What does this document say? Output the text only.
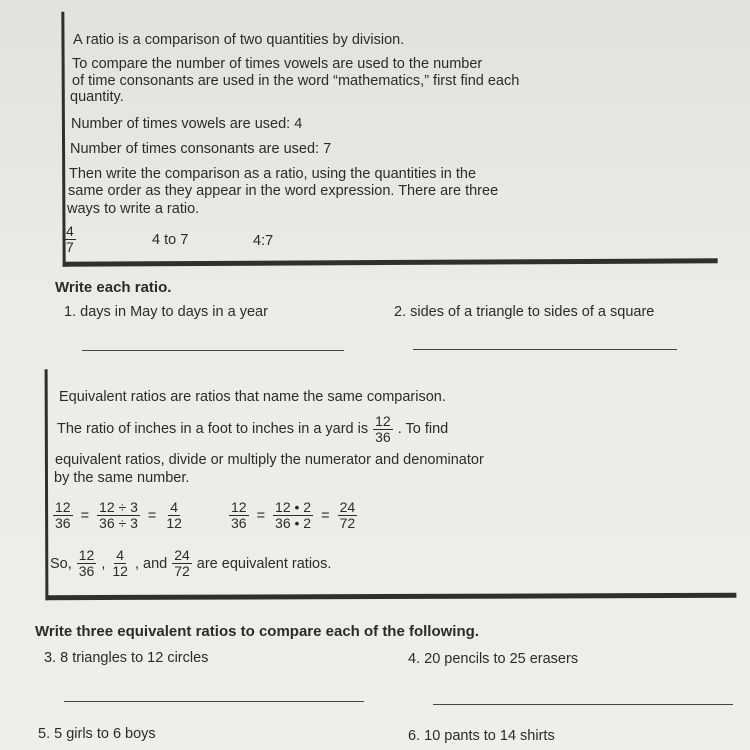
A ratio is a comparison of two quantities by division.
To compare the number of times vowels are used to the number
of time consonants are used in the word “mathematics,” first find each
quantity.
Number of times vowels are used: 4
Number of times consonants are used: 7
Then write the comparison as a ratio, using the quantities in the
same order as they appear in the word expression. There are three
ways to write a ratio.
$\frac{4}{7}$	4 to 7	4:7
Write each ratio.
1. days in May to days in a year	2. sides of a triangle to sides of a square
Equivalent ratios are ratios that name the same comparison.
The ratio of inches in a foot to inches in a yard is $\frac{12}{36}$ . To find
equivalent ratios, divide or multiply the numerator and denominator
by the same number.
$\frac{12}{36} = \frac{12 \div 3}{36 \div 3} = \frac{4}{12}$	$\frac{12}{36} = \frac{12 • 2}{36 • 2} = \frac{24}{72}$
So, $\frac{12}{36}$ , $\frac{4}{12}$ , and $\frac{24}{72}$ are equivalent ratios.
Write three equivalent ratios to compare each of the following.
3. 8 triangles to 12 circles	4. 20 pencils to 25 erasers
5. 5 girls to 6 boys	6. 10 pants to 14 shirts
